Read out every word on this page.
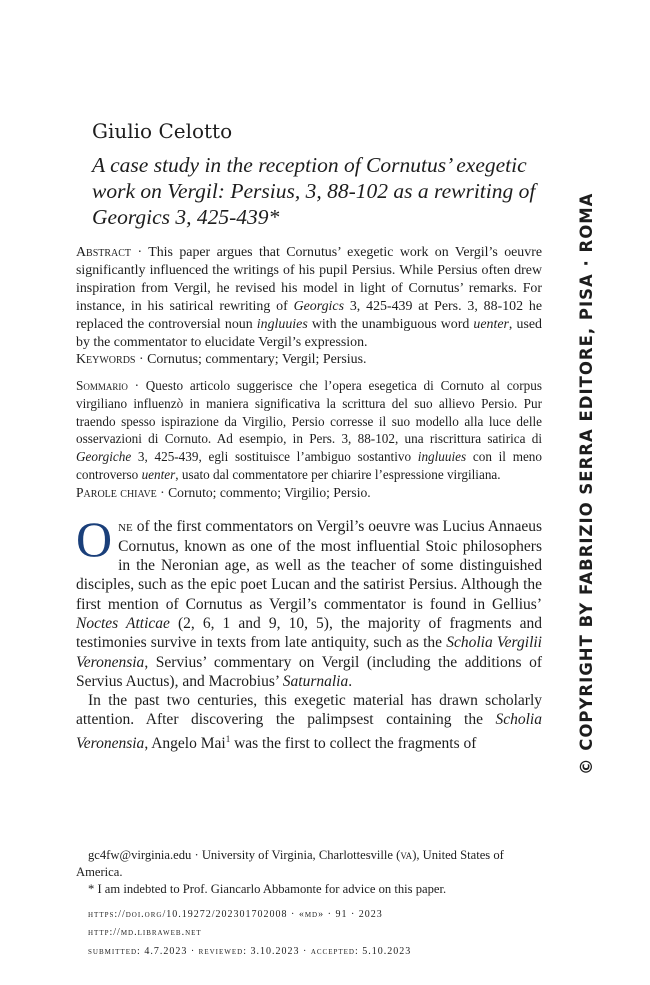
Giulio Celotto

A case study in the reception of Cornutus’ exegetic work on Vergil: Persius, 3, 88-102 as a rewriting of Georgics 3, 425-439*

Abstract · This paper argues that Cornutus’ exegetic work on Vergil’s oeuvre significantly influenced the writings of his pupil Persius. While Persius often drew inspiration from Vergil, he revised his model in light of Cornutus’ remarks. For instance, in his satirical rewriting of Georgics 3, 425-439 at Pers. 3, 88-102 he replaced the controversial noun ingluuies with the unambiguous word uenter, used by the commentator to elucidate Vergil’s expression.

Keywords · Cornutus; commentary; Vergil; Persius.

Sommario · Questo articolo suggerisce che l’opera esegetica di Cornuto al corpus virgiliano influenzò in maniera significativa la scrittura del suo allievo Persio. Pur traendo spesso ispirazione da Virgilio, Persio corresse il suo modello alla luce delle osservazioni di Cornuto. Ad esempio, in Pers. 3, 88-102, una riscrittura satirica di Georgiche 3, 425-439, egli sostituisce l’ambiguo sostantivo ingluuies con il meno controverso uenter, usato dal commentatore per chiarire l’espressione virgiliana.

Parole chiave · Cornuto; commento; Virgilio; Persio.

One of the first commentators on Vergil’s oeuvre was Lucius Annaeus Cornutus, known as one of the most influential Stoic philosophers in the Neronian age, as well as the teacher of some distinguished disciples, such as the epic poet Lucan and the satirist Persius. Although the first mention of Cornutus as Vergil’s commentator is found in Gellius’ Noctes Atticae (2, 6, 1 and 9, 10, 5), the majority of fragments and testimonies survive in texts from late antiquity, such as the Scholia Vergilii Veronensia, Servius’ commentary on Vergil (including the additions of Servius Auctus), and Macrobius’ Saturnalia.

In the past two centuries, this exegetic material has drawn scholarly attention. After discovering the palimpsest containing the Scholia Veronensia, Angelo Mai$^1$ was the first to collect the fragments of

gc4fw@virginia.edu · University of Virginia, Charlottesville (va), United States of America.

* I am indebted to Prof. Giancarlo Abbamonte for advice on this paper.

https://doi.org/10.19272/202301702008 · «md» · 91 · 2023
http://md.libraweb.net
submitted: 4.7.2023 · reviewed: 3.10.2023 · accepted: 5.10.2023
© COPYRIGHT BY FABRIZIO SERRA EDITORE, PISA · ROMA
